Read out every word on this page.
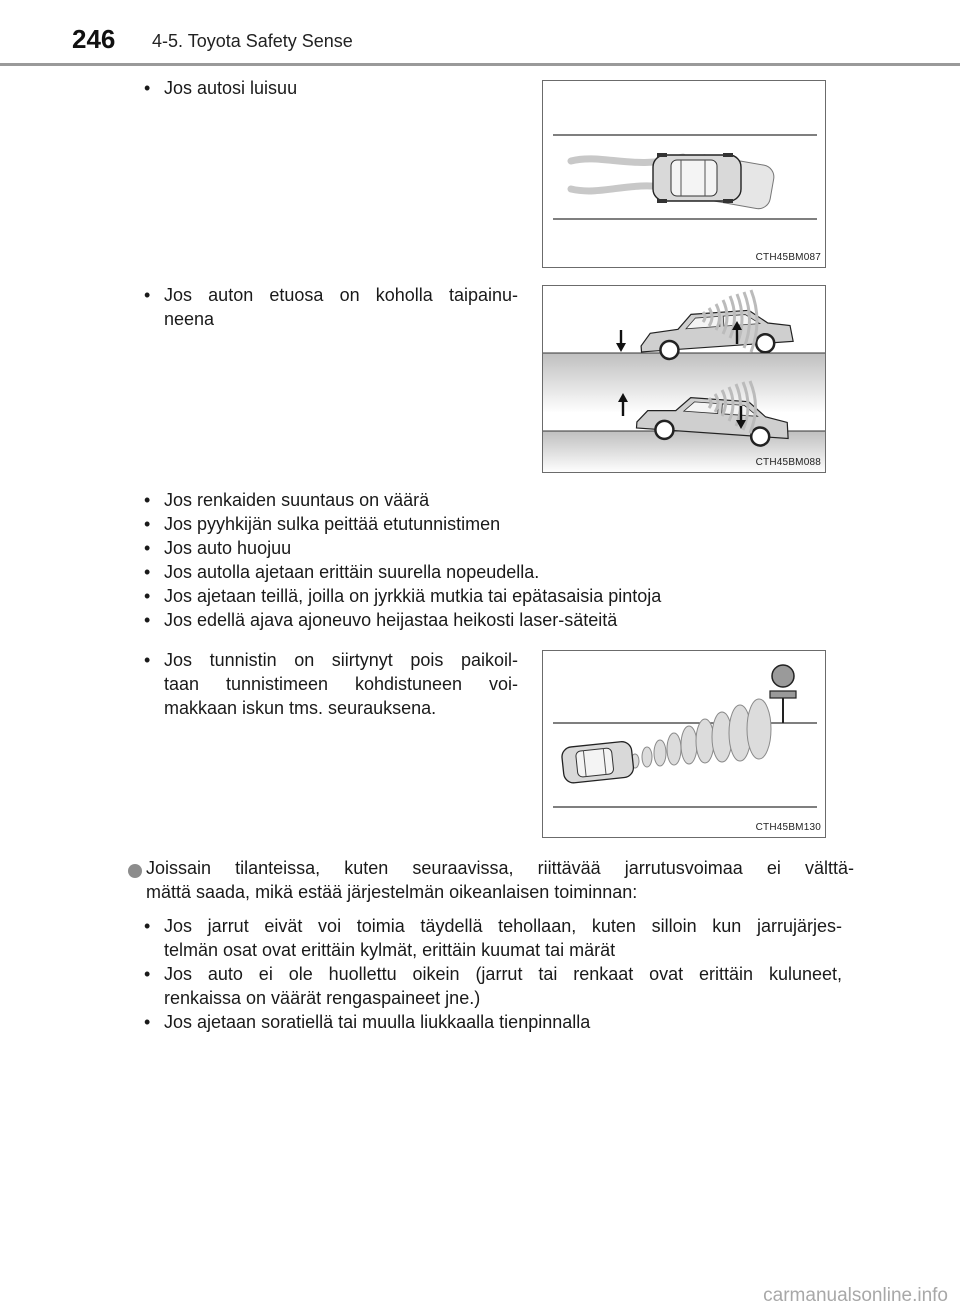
246 4-5. Toyota Safety Sense
• Jos autosi luisuu
CTH45BM087
• Jos auton etuosa on koholla taipainu-
neena
CTH45BM088
• Jos renkaiden suuntaus on väärä
• Jos pyyhkijän sulka peittää etutunnistimen
• Jos auto huojuu
• Jos autolla ajetaan erittäin suurella nopeudella.
• Jos ajetaan teillä, joilla on jyrkkiä mutkia tai epätasaisia pintoja
• Jos edellä ajava ajoneuvo heijastaa heikosti laser-säteitä
• Jos tunnistin on siirtynyt pois paikoil-
taan tunnistimeen kohdistuneen voi-
makkaan iskun tms. seurauksena.
CTH45BM130
Joissain tilanteissa, kuten seuraavissa, riittävää jarrutusvoimaa ei välttä-
mättä saada, mikä estää järjestelmän oikeanlaisen toiminnan:
• Jos jarrut eivät voi toimia täydellä tehollaan, kuten silloin kun jarrujärjes-
telmän osat ovat erittäin kylmät, erittäin kuumat tai märät
• Jos auto ei ole huollettu oikein (jarrut tai renkaat ovat erittäin kuluneet,
renkaissa on väärät rengaspaineet jne.)
• Jos ajetaan soratiellä tai muulla liukkaalla tienpinnalla
carmanualsonline.info
